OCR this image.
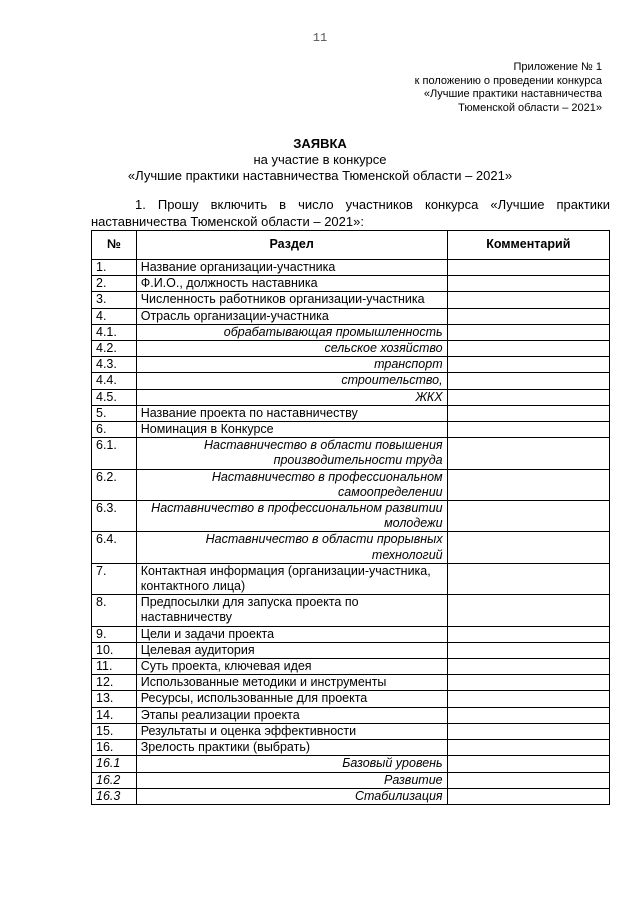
11
Приложение № 1
к положению о проведении конкурса
«Лучшие практики наставничества
Тюменской области – 2021»
ЗАЯВКА
на участие в конкурсе
«Лучшие практики наставничества Тюменской области – 2021»
1. Прошу включить в число участников конкурса «Лучшие практики наставничества Тюменской области – 2021»:
№	Раздел	Комментарий
1.	Название организации-участника	
2.	Ф.И.О., должность наставника	
3.	Численность работников организации-участника	
4.	Отрасль организации-участника	
4.1.	обрабатывающая промышленность	
4.2.	сельское хозяйство	
4.3.	транспорт	
4.4.	строительство,	
4.5.	ЖКХ	
5.	Название проекта по наставничеству	
6.	Номинация в Конкурсе	
6.1.	Наставничество в области повышения производительности труда	
6.2.	Наставничество в профессиональном самоопределении	
6.3.	Наставничество в профессиональном развитии молодежи	
6.4.	Наставничество в области прорывных технологий	
7.	Контактная информация (организации-участника, контактного лица)	
8.	Предпосылки для запуска проекта по наставничеству	
9.	Цели и задачи проекта	
10.	Целевая аудитория	
11.	Суть проекта, ключевая идея	
12.	Использованные методики и инструменты	
13.	Ресурсы, использованные для проекта	
14.	Этапы реализации проекта	
15.	Результаты и оценка эффективности	
16.	Зрелость практики (выбрать)	
16.1	Базовый уровень	
16.2	Развитие	
16.3	Стабилизация	
